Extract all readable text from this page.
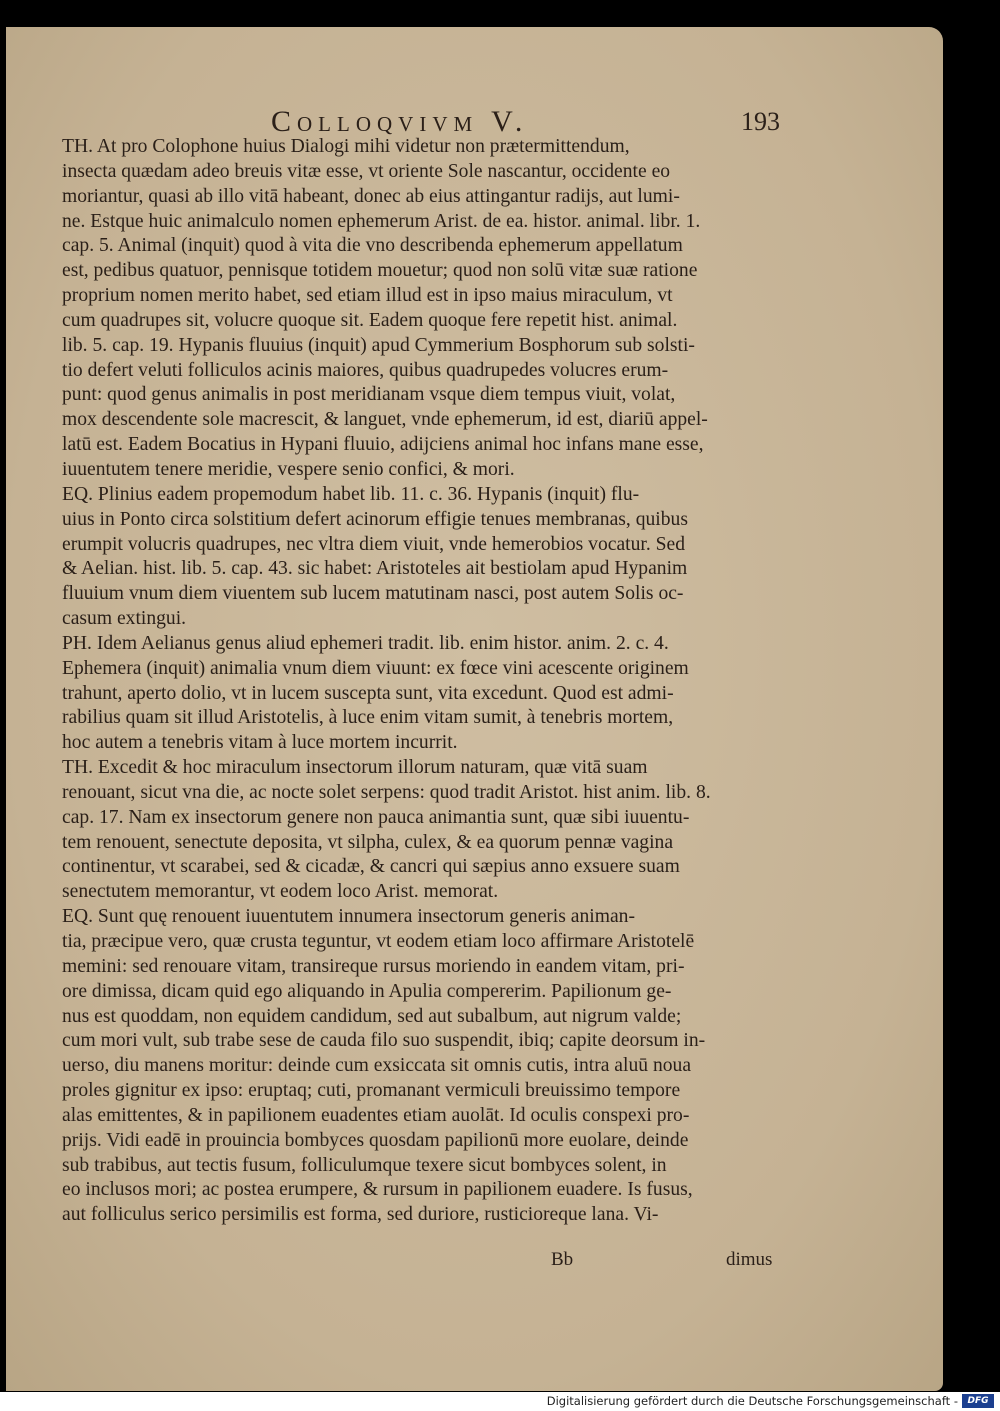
Colloqvivm V.	193
TH. At pro Colophone huius Dialogi mihi videtur non prætermittendum,
insecta quædam adeo breuis vitæ esse, vt oriente Sole nascantur, occidente eo
moriantur, quasi ab illo vitā habeant, donec ab eius attingantur radijs, aut lumi-
ne. Estque huic animalculo nomen ephemerum Arist. de ea. histor. animal. libr. 1.
cap. 5. Animal (inquit) quod à vita die vno describenda ephemerum appellatum
est, pedibus quatuor, pennisque totidem mouetur; quod non solū vitæ suæ ratione
proprium nomen merito habet, sed etiam illud est in ipso maius miraculum, vt
cum quadrupes sit, volucre quoque sit. Eadem quoque fere repetit hist. animal.
lib. 5. cap. 19. Hypanis fluuius (inquit) apud Cymmerium Bosphorum sub solsti-
tio defert veluti folliculos acinis maiores, quibus quadrupedes volucres erum-
punt: quod genus animalis in post meridianam vsque diem tempus viuit, volat,
mox descendente sole macrescit, & languet, vnde ephemerum, id est, diariū appel-
latū est. Eadem Bocatius in Hypani fluuio, adijciens animal hoc infans mane esse,
iuuentutem tenere meridie, vespere senio confici, & mori.
EQ. Plinius eadem propemodum habet lib. 11. c. 36. Hypanis (inquit) flu-
uius in Ponto circa solstitium defert acinorum effigie tenues membranas, quibus
erumpit volucris quadrupes, nec vltra diem viuit, vnde hemerobios vocatur. Sed
& Aelian. hist. lib. 5. cap. 43. sic habet: Aristoteles ait bestiolam apud Hypanim
fluuium vnum diem viuentem sub lucem matutinam nasci, post autem Solis oc-
casum extingui.
PH. Idem Aelianus genus aliud ephemeri tradit. lib. enim histor. anim. 2. c. 4.
Ephemera (inquit) animalia vnum diem viuunt: ex fœce vini acescente originem
trahunt, aperto dolio, vt in lucem suscepta sunt, vita excedunt. Quod est admi-
rabilius quam sit illud Aristotelis, à luce enim vitam sumit, à tenebris mortem,
hoc autem a tenebris vitam à luce mortem incurrit.
TH. Excedit & hoc miraculum insectorum illorum naturam, quæ vitā suam
renouant, sicut vna die, ac nocte solet serpens: quod tradit Aristot. hist anim. lib. 8.
cap. 17. Nam ex insectorum genere non pauca animantia sunt, quæ sibi iuuentu-
tem renouent, senectute deposita, vt silpha, culex, & ea quorum pennæ vagina
continentur, vt scarabei, sed & cicadæ, & cancri qui sæpius anno exsuere suam
senectutem memorantur, vt eodem loco Arist. memorat.
EQ. Sunt quę renouent iuuentutem innumera insectorum generis animan-
tia, præcipue vero, quæ crusta teguntur, vt eodem etiam loco affirmare Aristotelē
memini: sed renouare vitam, transireque rursus moriendo in eandem vitam, pri-
ore dimissa, dicam quid ego aliquando in Apulia compererim. Papilionum ge-
nus est quoddam, non equidem candidum, sed aut subalbum, aut nigrum valde;
cum mori vult, sub trabe sese de cauda filo suo suspendit, ibiq; capite deorsum in-
uerso, diu manens moritur: deinde cum exsiccata sit omnis cutis, intra aluū noua
proles gignitur ex ipso: eruptaq; cuti, promanant vermiculi breuissimo tempore
alas emittentes, & in papilionem euadentes etiam auolāt. Id oculis conspexi pro-
prijs. Vidi eadē in prouincia bombyces quosdam papilionū more euolare, deinde
sub trabibus, aut tectis fusum, folliculumque texere sicut bombyces solent, in
eo inclusos mori; ac postea erumpere, & rursum in papilionem euadere. Is fusus,
aut folliculus serico persimilis est forma, sed duriore, rusticioreque lana. Vi-
Bb	dimus
Digitalisierung gefördert durch die Deutsche Forschungsgemeinschaft -	DFG
